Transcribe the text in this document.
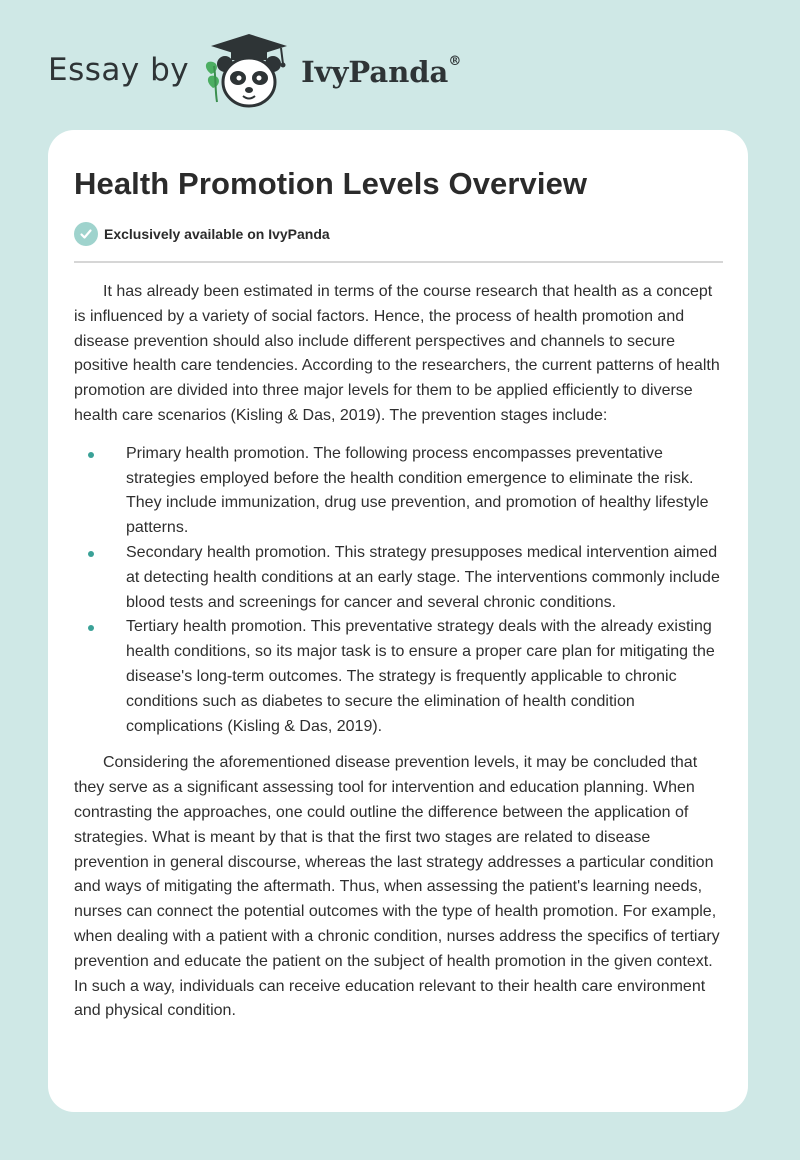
Essay by	IvyPanda®
Health Promotion Levels Overview
Exclusively available on IvyPanda

It has already been estimated in terms of the course research that health as a concept is influenced by a variety of social factors. Hence, the process of health promotion and disease prevention should also include different perspectives and channels to secure positive health care tendencies. According to the researchers, the current patterns of health promotion are divided into three major levels for them to be applied efficiently to diverse health care scenarios (Kisling & Das, 2019). The prevention stages include:

Primary health promotion. The following process encompasses preventative strategies employed before the health condition emergence to eliminate the risk. They include immunization, drug use prevention, and promotion of healthy lifestyle patterns.
Secondary health promotion. This strategy presupposes medical intervention aimed at detecting health conditions at an early stage. The interventions commonly include blood tests and screenings for cancer and several chronic conditions.
Tertiary health promotion. This preventative strategy deals with the already existing health conditions, so its major task is to ensure a proper care plan for mitigating the disease's long-term outcomes. The strategy is frequently applicable to chronic conditions such as diabetes to secure the elimination of health condition complications (Kisling & Das, 2019).

Considering the aforementioned disease prevention levels, it may be concluded that they serve as a significant assessing tool for intervention and education planning. When contrasting the approaches, one could outline the difference between the application of strategies. What is meant by that is that the first two stages are related to disease prevention in general discourse, whereas the last strategy addresses a particular condition and ways of mitigating the aftermath. Thus, when assessing the patient's learning needs, nurses can connect the potential outcomes with the type of health promotion. For example, when dealing with a patient with a chronic condition, nurses address the specifics of tertiary prevention and educate the patient on the subject of health promotion in the given context. In such a way, individuals can receive education relevant to their health care environment and physical condition.
